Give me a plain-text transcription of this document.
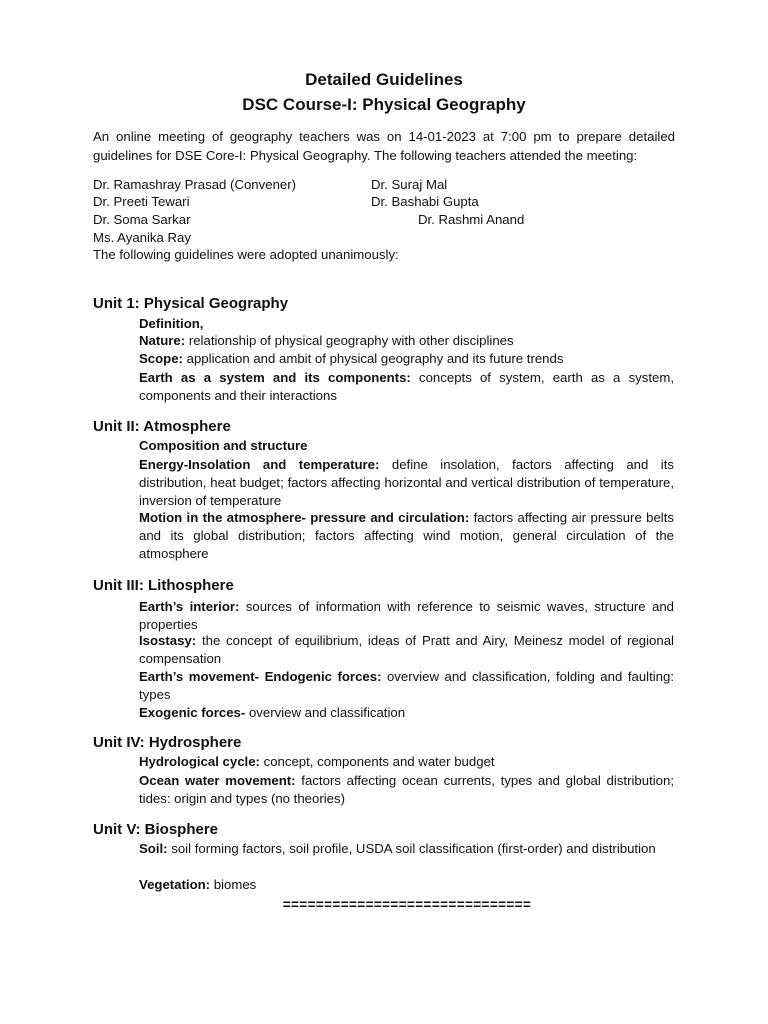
Detailed Guidelines
DSC Course-I: Physical Geography
An online meeting of geography teachers was on 14-01-2023 at 7:00 pm to prepare detailed guidelines for DSE Core-I: Physical Geography. The following teachers attended the meeting:
Dr. Ramashray Prasad (Convener)	Dr. Suraj Mal
Dr. Preeti Tewari	Dr. Bashabi Gupta
Dr. Soma Sarkar	Dr. Rashmi Anand
Ms. Ayanika Ray
The following guidelines were adopted unanimously:
Unit 1: Physical Geography
Definition,
Nature: relationship of physical geography with other disciplines
Scope: application and ambit of physical geography and its future trends
Earth as a system and its components: concepts of system, earth as a system, components and their interactions
Unit II: Atmosphere
Composition and structure
Energy-Insolation and temperature: define insolation, factors affecting and its distribution, heat budget; factors affecting horizontal and vertical distribution of temperature, inversion of temperature
Motion in the atmosphere- pressure and circulation: factors affecting air pressure belts and its global distribution; factors affecting wind motion, general circulation of the atmosphere
Unit III: Lithosphere
Earth’s interior: sources of information with reference to seismic waves, structure and properties
Isostasy: the concept of equilibrium, ideas of Pratt and Airy, Meinesz model of regional compensation
Earth’s movement- Endogenic forces: overview and classification, folding and faulting: types
Exogenic forces- overview and classification
Unit IV: Hydrosphere
Hydrological cycle: concept, components and water budget
Ocean water movement: factors affecting ocean currents, types and global distribution; tides: origin and types (no theories)
Unit V: Biosphere
Soil: soil forming factors, soil profile, USDA soil classification (first-order) and distribution
Vegetation: biomes
==============================
